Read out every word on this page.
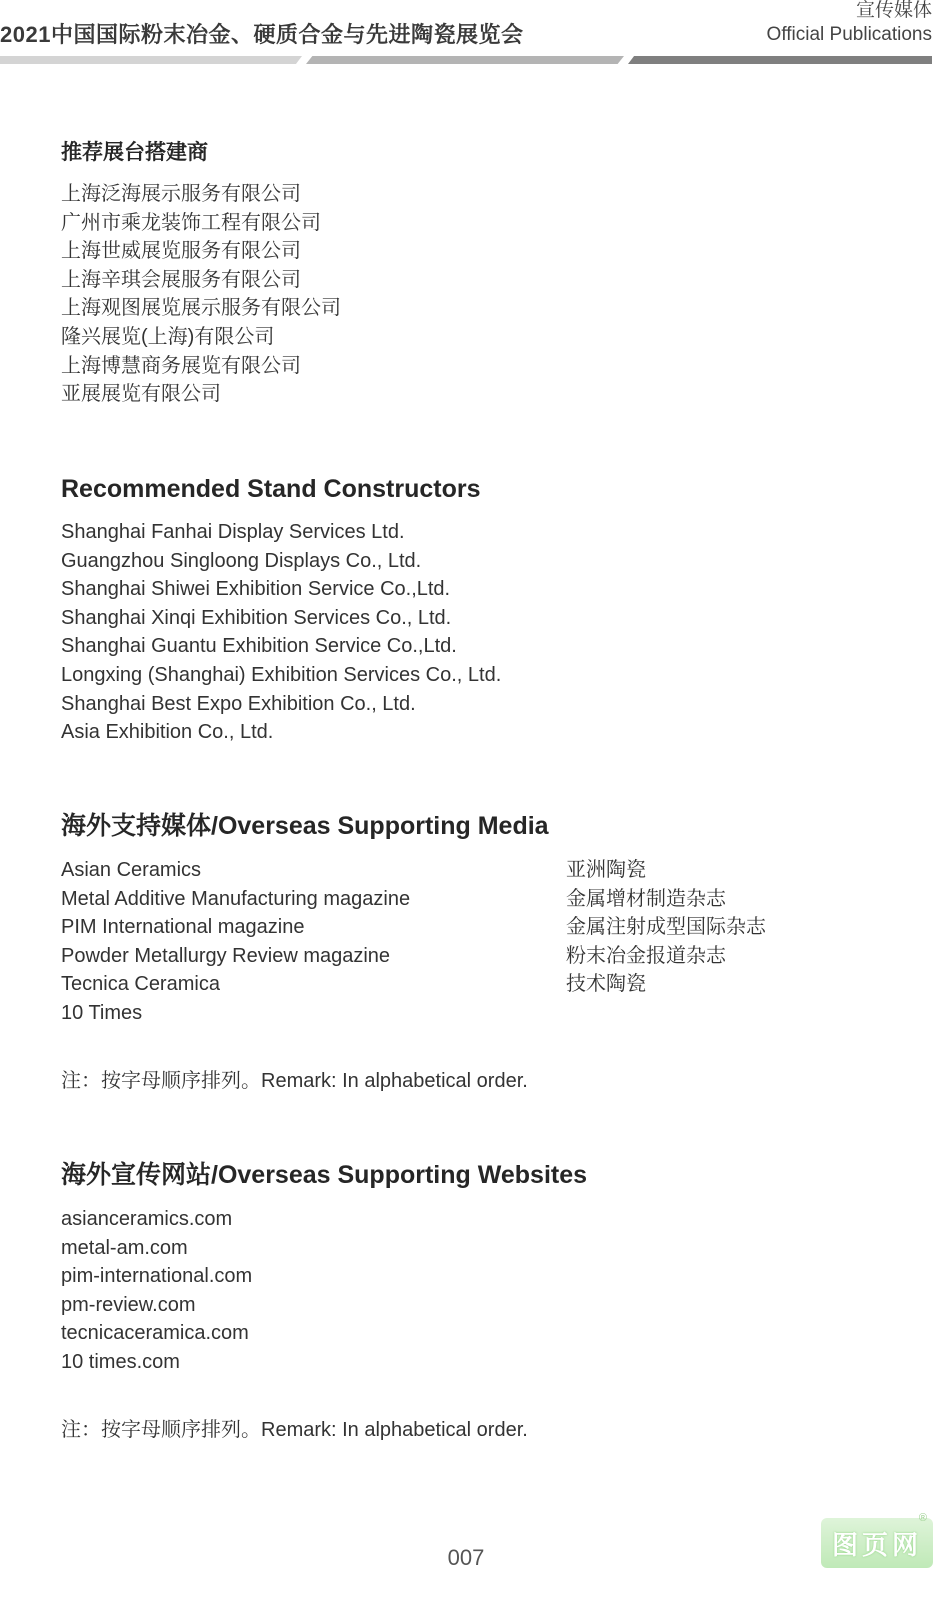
2021中国国际粉末冶金、硬质合金与先进陶瓷展览会
宣传媒体
Official Publications
推荐展台搭建商
上海泛海展示服务有限公司
广州市乘龙装饰工程有限公司
上海世威展览服务有限公司
上海辛琪会展服务有限公司
上海观图展览展示服务有限公司
隆兴展览(上海)有限公司
上海博慧商务展览有限公司
亚展展览有限公司
Recommended Stand Constructors
Shanghai Fanhai Display Services Ltd.
Guangzhou Singloong Displays Co., Ltd.
Shanghai Shiwei Exhibition Service Co.,Ltd.
Shanghai Xinqi Exhibition Services Co., Ltd.
Shanghai Guantu Exhibition Service Co.,Ltd.
Longxing (Shanghai) Exhibition Services Co., Ltd.
Shanghai Best Expo Exhibition Co., Ltd.
Asia Exhibition Co., Ltd.
海外支持媒体/Overseas Supporting Media
Asian Ceramics
Metal Additive Manufacturing magazine
PIM International magazine
Powder Metallurgy Review magazine
Tecnica Ceramica
10 Times
亚洲陶瓷
金属增材制造杂志
金属注射成型国际杂志
粉末冶金报道杂志
技术陶瓷
注：按字母顺序排列。Remark: In alphabetical order.
海外宣传网站/Overseas Supporting Websites
asianceramics.com
metal-am.com
pim-international.com
pm-review.com
tecnicaceramica.com
10 times.com
注：按字母顺序排列。Remark: In alphabetical order.
007	图页网
®
